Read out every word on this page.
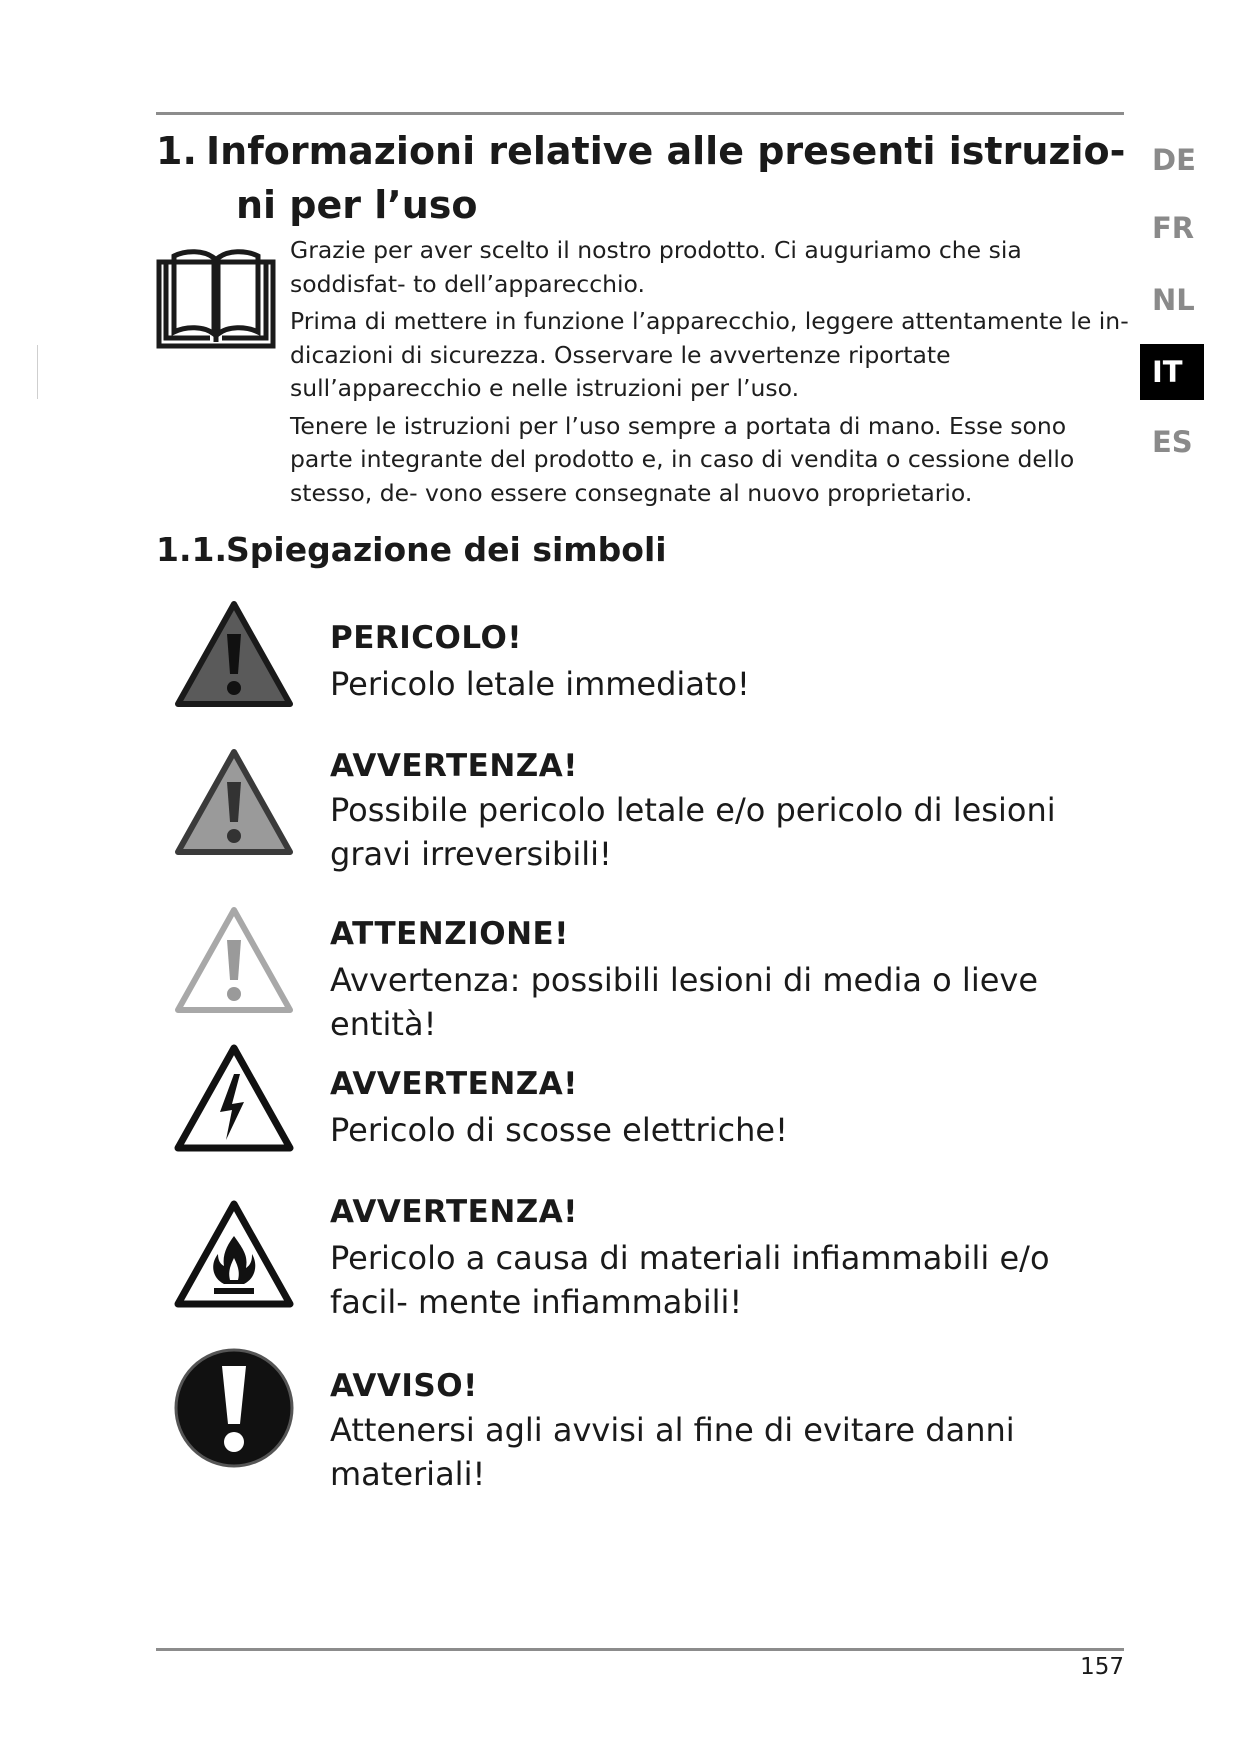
1. Informazioni relative alle presenti istruzio-
ni per l’uso

Grazie per aver scelto il nostro prodotto. Ci auguriamo che sia soddisfat- to dell’apparecchio.

Prima di mettere in funzione l’apparecchio, leggere attentamente le in- dicazioni di sicurezza. Osservare le avvertenze riportate sull’apparecchio e nelle istruzioni per l’uso.

Tenere le istruzioni per l’uso sempre a portata di mano. Esse sono parte integrante del prodotto e, in caso di vendita o cessione dello stesso, de- vono essere consegnate al nuovo proprietario.

1.1.Spiegazione dei simboli
PERICOLO!
Pericolo letale immediato!
AVVERTENZA!
Possibile pericolo letale e/o pericolo di lesioni gravi irreversibili!
ATTENZIONE!
Avvertenza: possibili lesioni di media o lieve entità!
AVVERTENZA!
Pericolo di scosse elettriche!
AVVERTENZA!
Pericolo a causa di materiali infiammabili e/o facil- mente infiammabili!
AVVISO!
Attenersi agli avvisi al fine di evitare danni materiali!
DE
FR
NL
IT
ES
157
